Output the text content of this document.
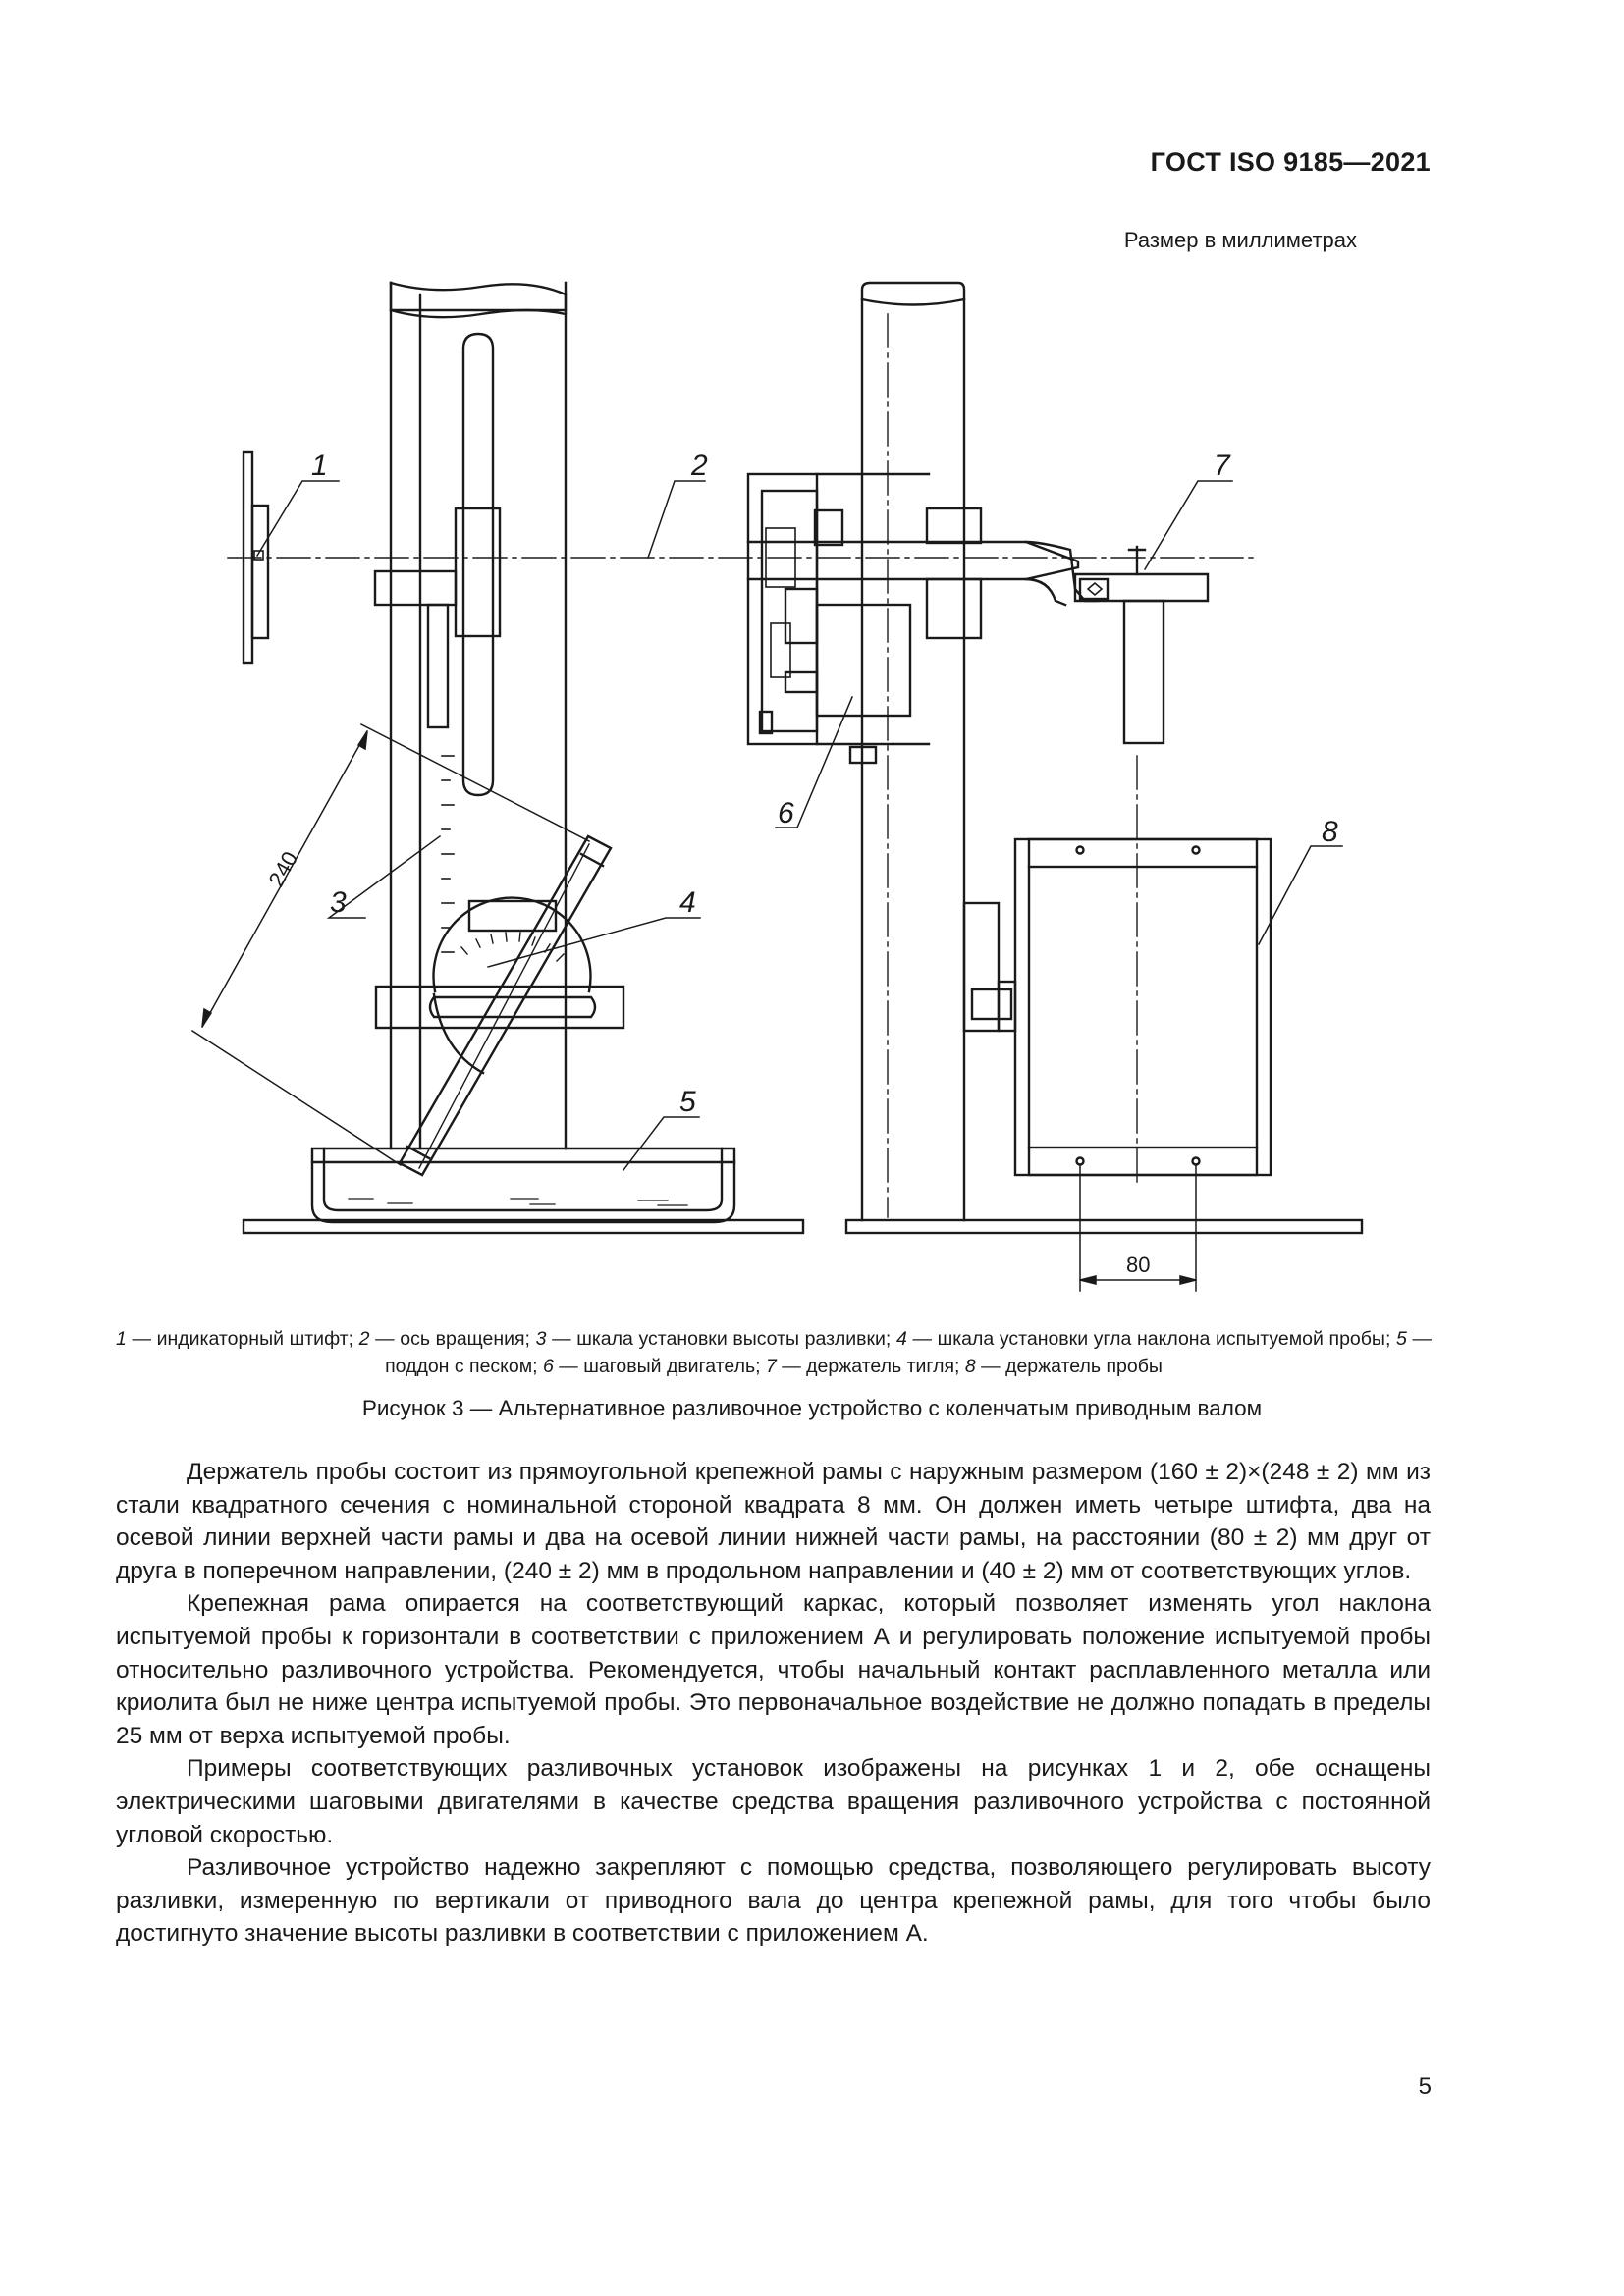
ГОСТ ISO 9185—2021
Размер в миллиметрах
1	2	7
3	4
5
6
8
240
80
1 — индикаторный штифт; 2 — ось вращения; 3 — шкала установки высоты разливки; 4 — шкала установки угла наклона испытуемой пробы; 5 — поддон с песком; 6 — шаговый двигатель; 7 — держатель тигля; 8 — держатель пробы
Рисунок 3 — Альтернативное разливочное устройство с коленчатым приводным валом

Держатель пробы состоит из прямоугольной крепежной рамы с наружным размером (160 ± 2)×(248 ± 2) мм из стали квадратного сечения с номинальной стороной квадрата 8 мм. Он должен иметь четыре штифта, два на осевой линии верхней части рамы и два на осевой линии нижней части рамы, на расстоянии (80 ± 2) мм друг от друга в поперечном направлении, (240 ± 2) мм в продольном направлении и (40 ± 2) мм от соответствующих углов.

Крепежная рама опирается на соответствующий каркас, который позволяет изменять угол наклона испытуемой пробы к горизонтали в соответствии с приложением А и регулировать положение испытуемой пробы относительно разливочного устройства. Рекомендуется, чтобы начальный контакт расплавленного металла или криолита был не ниже центра испытуемой пробы. Это первоначальное воздействие не должно попадать в пределы 25 мм от верха испытуемой пробы.

Примеры соответствующих разливочных установок изображены на рисунках 1 и 2, обе оснащены электрическими шаговыми двигателями в качестве средства вращения разливочного устройства с постоянной угловой скоростью.

Разливочное устройство надежно закрепляют с помощью средства, позволяющего регулировать высоту разливки, измеренную по вертикали от приводного вала до центра крепежной рамы, для того чтобы было достигнуто значение высоты разливки в соответствии с приложением А.

5
